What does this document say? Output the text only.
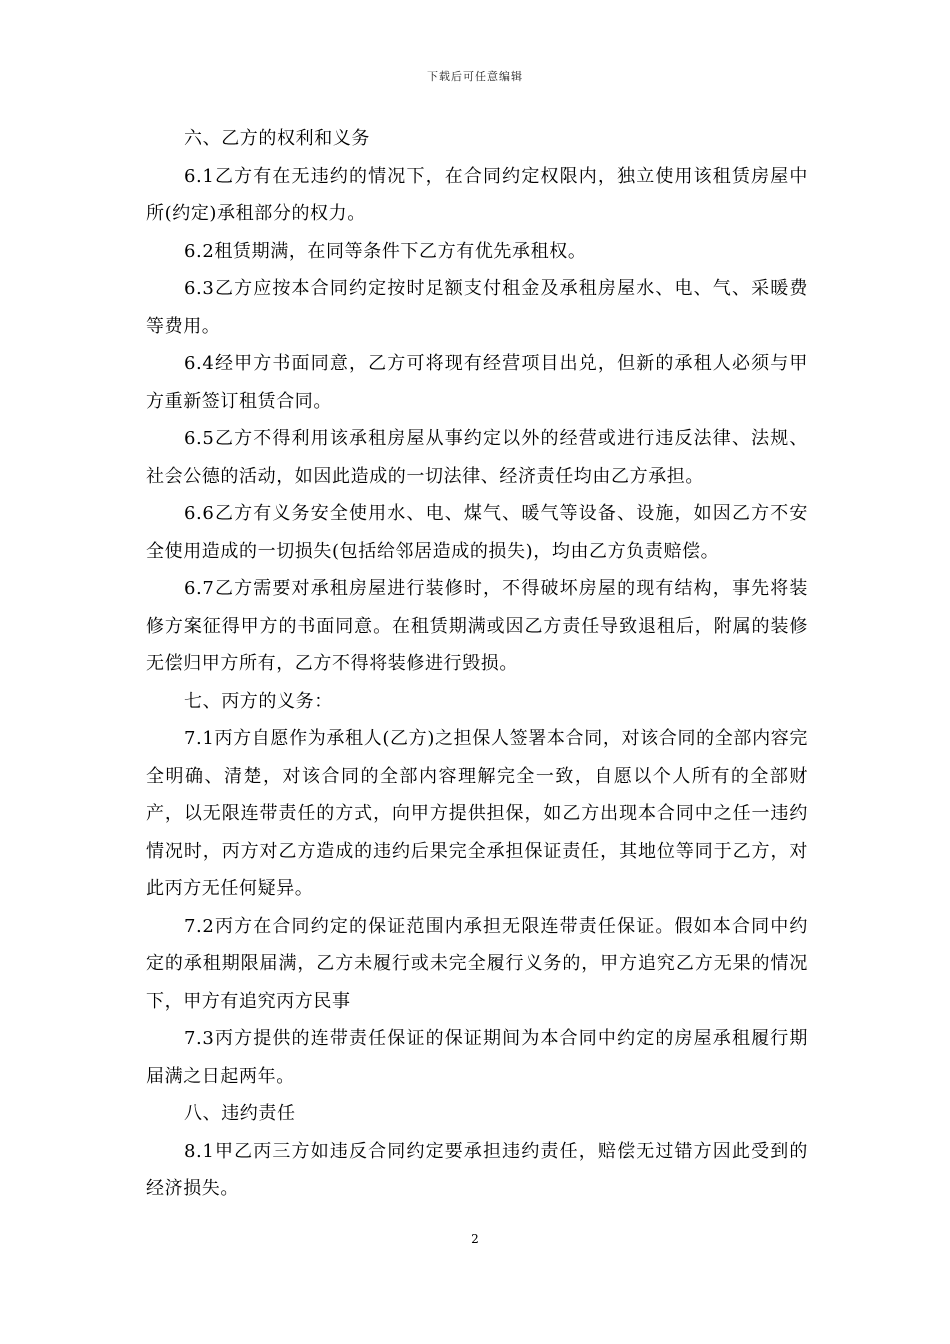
下载后可任意编辑

六、乙方的权利和义务

6.1乙方有在无违约的情况下，在合同约定权限内，独立使用该租赁房屋中所(约定)承租部分的权力。

6.2租赁期满，在同等条件下乙方有优先承租权。

6.3乙方应按本合同约定按时足额支付租金及承租房屋水、电、气、采暖费等费用。

6.4经甲方书面同意，乙方可将现有经营项目出兑，但新的承租人必须与甲方重新签订租赁合同。

6.5乙方不得利用该承租房屋从事约定以外的经营或进行违反法律、法规、社会公德的活动，如因此造成的一切法律、经济责任均由乙方承担。

6.6乙方有义务安全使用水、电、煤气、暖气等设备、设施，如因乙方不安全使用造成的一切损失(包括给邻居造成的损失)，均由乙方负责赔偿。

6.7乙方需要对承租房屋进行装修时，不得破坏房屋的现有结构，事先将装修方案征得甲方的书面同意。在租赁期满或因乙方责任导致退租后，附属的装修无偿归甲方所有，乙方不得将装修进行毁损。

七、丙方的义务：

7.1丙方自愿作为承租人(乙方)之担保人签署本合同，对该合同的全部内容完全明确、清楚，对该合同的全部内容理解完全一致，自愿以个人所有的全部财产，以无限连带责任的方式，向甲方提供担保，如乙方出现本合同中之任一违约情况时，丙方对乙方造成的违约后果完全承担保证责任，其地位等同于乙方，对此丙方无任何疑异。

7.2丙方在合同约定的保证范围内承担无限连带责任保证。假如本合同中约定的承租期限届满，乙方未履行或未完全履行义务的，甲方追究乙方无果的情况下，甲方有追究丙方民事

7.3丙方提供的连带责任保证的保证期间为本合同中约定的房屋承租履行期届满之日起两年。

八、违约责任

8.1甲乙丙三方如违反合同约定要承担违约责任，赔偿无过错方因此受到的经济损失。

2
